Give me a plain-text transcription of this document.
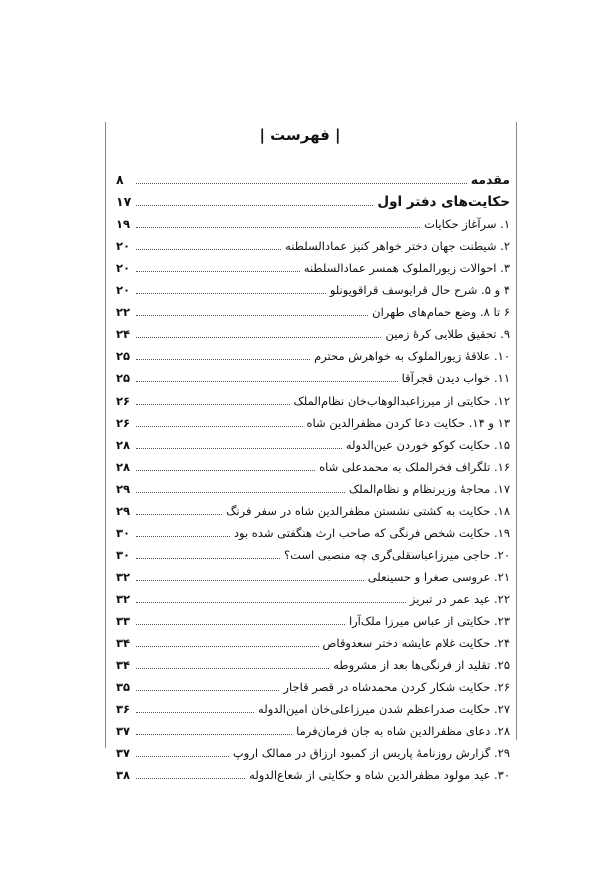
| فهرست |
مقدمه
۸
حکایت‌های دفتر اول
۱۷
۱. سرآغاز حکایات
۱۹
۲. شیطنت جهان دختر خواهر کنیز عمادالسلطنه
۲۰
۳. احوالات زیورالملوک همسر عمادالسلطنه
۲۰
۴ و ۵. شرح حال قرایوسف قراقویونلو
۲۰
۶ تا ۸. وضع حمام‌های طهران
۲۲
۹. تحقیق طلایی کرهٔ زمین
۲۴
۱۰. علاقهٔ زیورالملوک به خواهرش محترم
۲۵
۱۱. خواب دیدن قجرآقا
۲۵
۱۲. حکایتی از میرزاعبدالوهاب‌خان نظام‌الملک
۲۶
۱۳ و ۱۴. حکایت دعا کردن مظفرالدین شاه
۲۶
۱۵. حکایت کوکو خوردن عین‌الدوله
۲۸
۱۶. تلگراف فخرالملک به محمدعلی شاه
۲۸
۱۷. محاجهٔ وزیرنظام و نظام‌الملک
۲۹
۱۸. حکایت به کشتی نشستن مظفرالدین شاه در سفر فرنگ
۲۹
۱۹. حکایت شخص فرنگی که صاحب ارث هنگفتی شده بود
۳۰
۲۰. حاجی میرزاعباسقلی‌گری چه منصبی است؟
۳۰
۲۱. عروسی صغرا و حسینعلی
۳۲
۲۲. عید عمر در تبریز
۳۲
۲۳. حکایتی از عباس میرزا ملک‌آرا
۳۳
۲۴. حکایت غلام عایشه دختر سعدوقاص
۳۴
۲۵. تقلید از فرنگی‌ها بعد از مشروطه
۳۴
۲۶. حکایت شکار کردن محمدشاه در قصر قاجار
۳۵
۲۷. حکایت صدراعظم شدن میرزاعلی‌خان امین‌الدوله
۳۶
۲۸. دعای مظفرالدین شاه به جان فرمان‌فرما
۳۷
۲۹. گزارش روزنامهٔ پاریس از کمبود ارزاق در ممالک اروپ
۳۷
۳۰. عید مولود مظفرالدین شاه و حکایتی از شعاع‌الدوله
۳۸
